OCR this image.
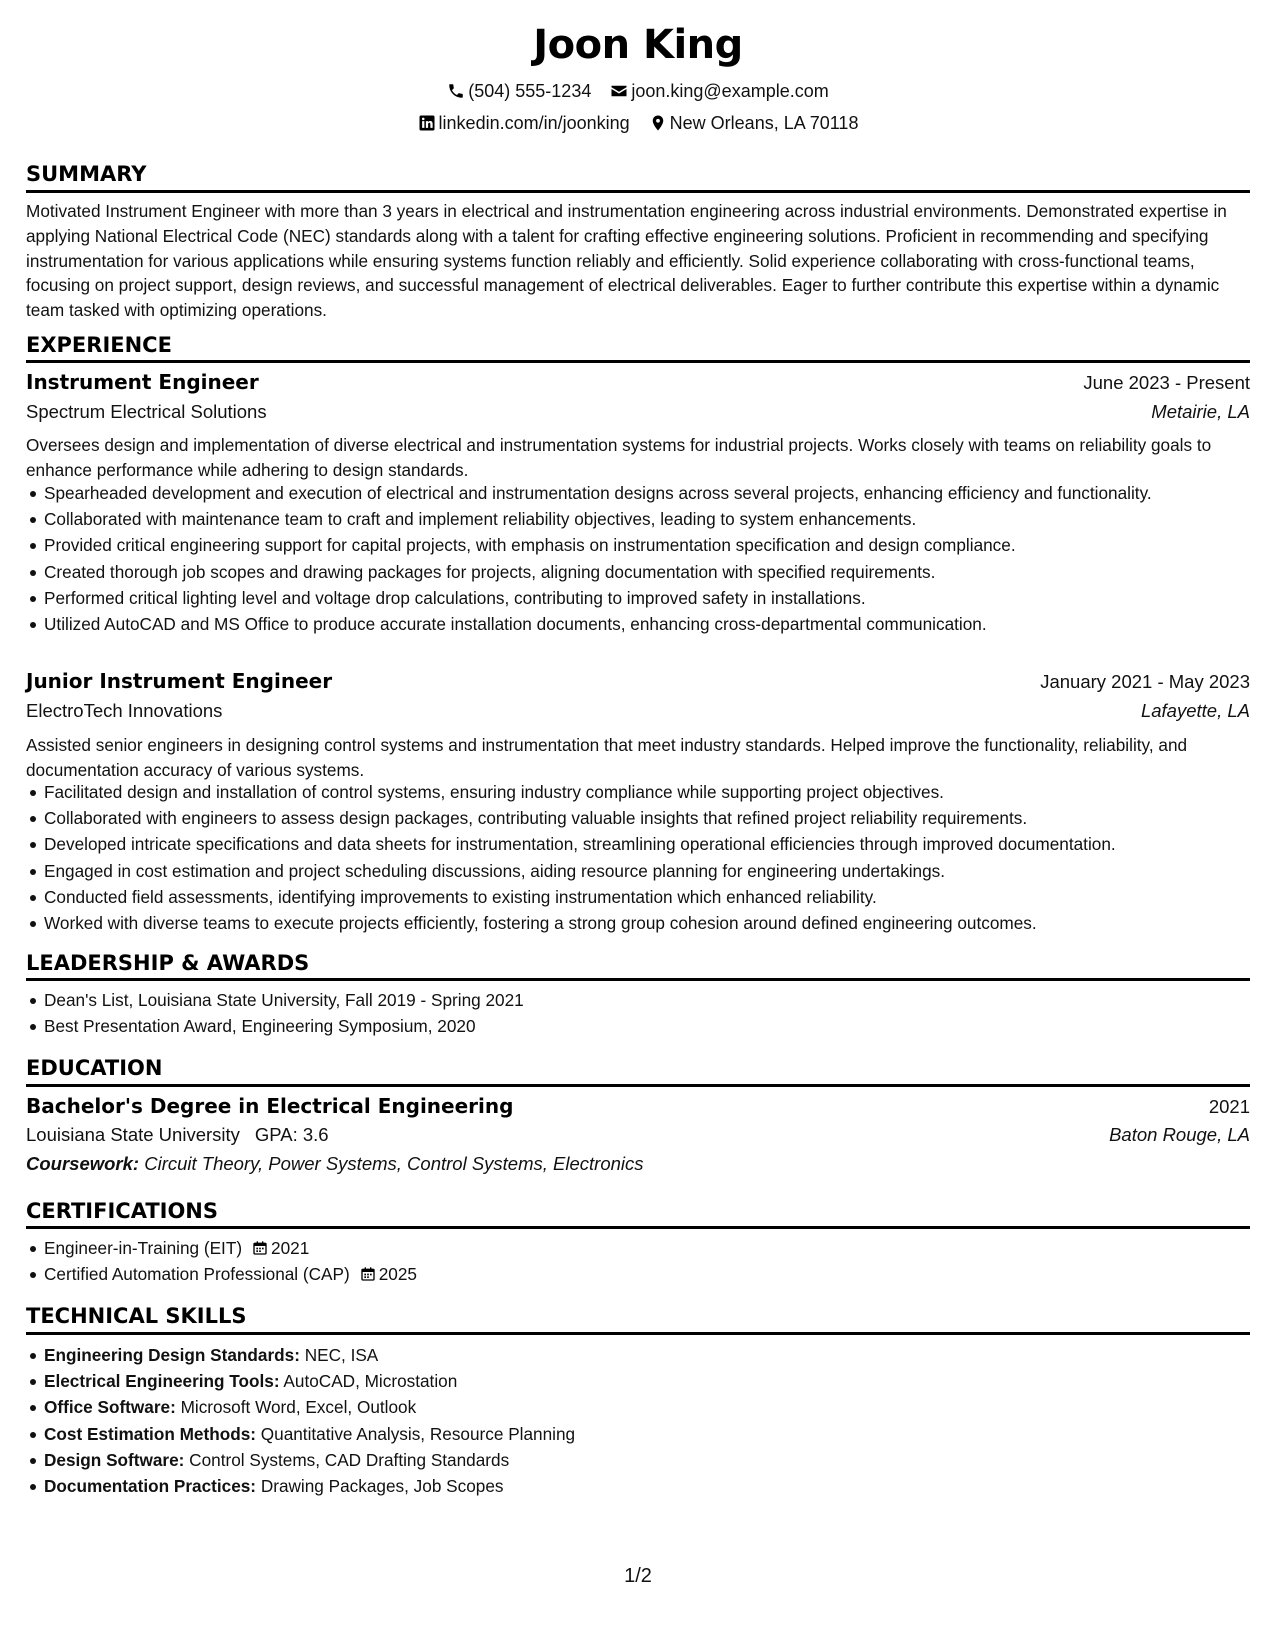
Joon King
(504) 555-1234 joon.king@example.com
linkedin.com/in/joonking New Orleans, LA 70118
SUMMARY
Motivated Instrument Engineer with more than 3 years in electrical and instrumentation engineering across industrial environments. Demonstrated expertise in applying National Electrical Code (NEC) standards along with a talent for crafting effective engineering solutions. Proficient in recommending and specifying instrumentation for various applications while ensuring systems function reliably and efficiently. Solid experience collaborating with cross-functional teams, focusing on project support, design reviews, and successful management of electrical deliverables. Eager to further contribute this expertise within a dynamic team tasked with optimizing operations.
EXPERIENCE
Instrument Engineer	June 2023 - Present
Spectrum Electrical Solutions	Metairie, LA
Oversees design and implementation of diverse electrical and instrumentation systems for industrial projects. Works closely with teams on reliability goals to enhance performance while adhering to design standards.
Spearheaded development and execution of electrical and instrumentation designs across several projects, enhancing efficiency and functionality.
Collaborated with maintenance team to craft and implement reliability objectives, leading to system enhancements.
Provided critical engineering support for capital projects, with emphasis on instrumentation specification and design compliance.
Created thorough job scopes and drawing packages for projects, aligning documentation with specified requirements.
Performed critical lighting level and voltage drop calculations, contributing to improved safety in installations.
Utilized AutoCAD and MS Office to produce accurate installation documents, enhancing cross-departmental communication.
Junior Instrument Engineer	January 2021 - May 2023
ElectroTech Innovations	Lafayette, LA
Assisted senior engineers in designing control systems and instrumentation that meet industry standards. Helped improve the functionality, reliability, and documentation accuracy of various systems.
Facilitated design and installation of control systems, ensuring industry compliance while supporting project objectives.
Collaborated with engineers to assess design packages, contributing valuable insights that refined project reliability requirements.
Developed intricate specifications and data sheets for instrumentation, streamlining operational efficiencies through improved documentation.
Engaged in cost estimation and project scheduling discussions, aiding resource planning for engineering undertakings.
Conducted field assessments, identifying improvements to existing instrumentation which enhanced reliability.
Worked with diverse teams to execute projects efficiently, fostering a strong group cohesion around defined engineering outcomes.
LEADERSHIP & AWARDS
Dean's List, Louisiana State University, Fall 2019 - Spring 2021
Best Presentation Award, Engineering Symposium, 2020
EDUCATION
Bachelor's Degree in Electrical Engineering	2021
Louisiana State University GPA: 3.6	Baton Rouge, LA
Coursework: Circuit Theory, Power Systems, Control Systems, Electronics
CERTIFICATIONS
Engineer-in-Training (EIT) 2021
Certified Automation Professional (CAP) 2025
TECHNICAL SKILLS
Engineering Design Standards: NEC, ISA
Electrical Engineering Tools: AutoCAD, Microstation
Office Software: Microsoft Word, Excel, Outlook
Cost Estimation Methods: Quantitative Analysis, Resource Planning
Design Software: Control Systems, CAD Drafting Standards
Documentation Practices: Drawing Packages, Job Scopes
1/2
